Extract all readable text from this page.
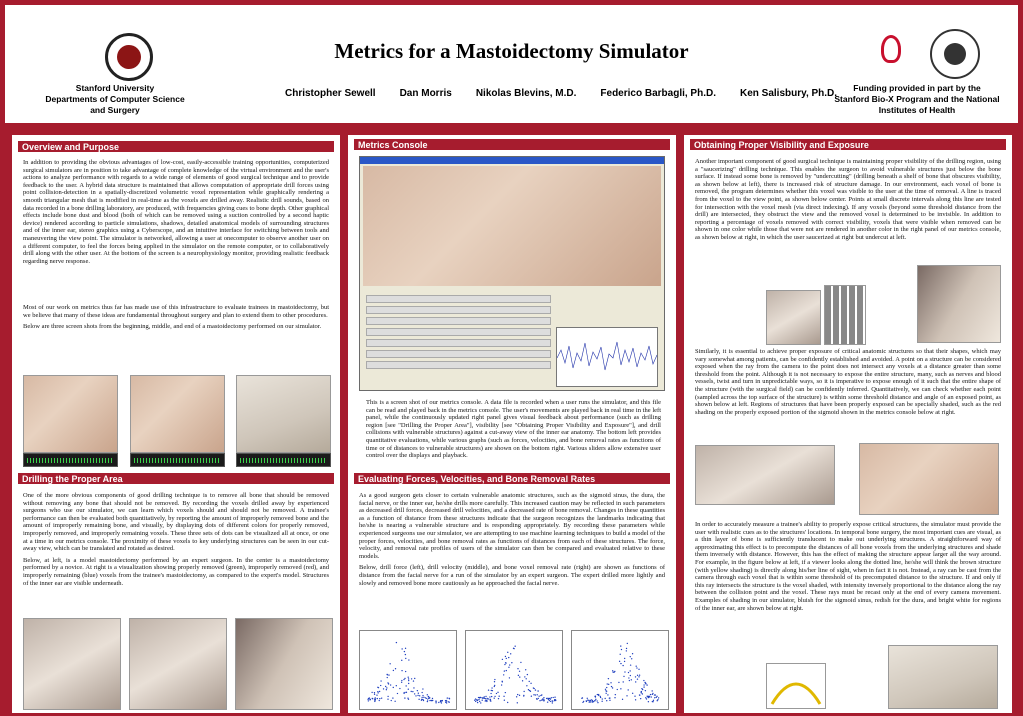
Metrics for a Mastoidectomy Simulator
Stanford University
Departments of Computer Science
and Surgery
Christopher Sewell Dan Morris Nikolas Blevins, M.D. Federico Barbagli, Ph.D. Ken Salisbury, Ph.D.	Funding provided in part by the
Stanford Bio-X Program and the National
Institutes of Health
Overview and Purpose

In addition to providing the obvious advantages of low-cost, easily-accessible training opportunities, computerized surgical simulators are in position to take advantage of complete knowledge of the virtual environment and the user's actions to analyze performance with regards to a wide range of elements of good surgical technique and to provide feedback to the user. A hybrid data structure is maintained that allows computation of appropriate drill forces using point collision-detection in a spatially-discretized volumetric voxel representation while graphically rendering a smooth triangular mesh that is modified in real-time as the voxels are drilled away. Realistic drill sounds, based on data recorded in a bone drilling laboratory, are produced, with frequencies giving cues to bone depth. Other graphical effects include bone dust and blood (both of which can be removed using a suction controlled by a second haptic device) rendered according to particle simulations, shadows, detailed anatomical models of surrounding structures and of the inner ear, stereo graphics using a Cyberscope, and an intuitive interface for switching between tools and maneuvering the view point. The simulator is networked, allowing a user at onecomputer to observe another user on a different computer, to feel the forces being applied in the simulator on the remote computer, or to collaboratively drill along with the other user. At the bottom of the screen is a neurophysiology monitor, providing realistic feedback regarding nerve response.

Most of our work on metrics thus far has made use of this infrastructure to evaluate trainees in mastoidectomy, but we believe that many of these ideas are fundamental throughout surgery and plan to extend them to other procedures.

Below are three screen shots from the beginning, middle, and end of a mastoidectomy performed on our simulator.

Drilling the Proper Area

One of the more obvious components of good drilling technique is to remove all bone that should be removed without removing any bone that should not be removed. By recording the voxels drilled away by experienced surgeons who use our simulator, we can learn which voxels should and should not be removed. A trainee's performance can then be evaluated both quantitatively, by reporting the amount of improperly removed bone and the amount of improperly remaining bone, and visually, by displaying dots of different colors for properly removed, improperly removed, and improperly remaining voxels. These three sets of dots can be visualized all at once, or one at a time in our metrics console. The proximity of these voxels to key underlying structures can be seen in our cut-away view, which can be translated and rotated as desired.

Below, at left, is a model mastoidectomy performed by an expert surgeon. In the center is a mastoidectomy performed by a novice. At right is a visualization showing properly removed (green), improperly removed (red), and improperly remaining (blue) voxels from the trainee's mastoidectomy, as compared to the expert's model. Structures of the inner ear are visible underneath.

Metrics Console

This is a screen shot of our metrics console. A data file is recorded when a user runs the simulator, and this file can be read and played back in the metrics console. The user's movements are played back in real time in the left panel, while the continuously updated right panel gives visual feedback about performance (such as drilling region [see "Drilling the Proper Area"], visibility [see "Obtaining Proper Visibility and Exposure"], and drill collisions with vulnerable structures) against a cut-away view of the inner ear anatomy. The bottom left provides quantitative evaluations, while various graphs (such as forces, velocities, and bone removal rates as functions of time or of distances to vulnerable structures) are shown on the bottom right. Various sliders allow extensive user control over the displays and playback.

Evaluating Forces, Velocities, and Bone Removal Rates

As a good surgeon gets closer to certain vulnerable anatomic structures, such as the sigmoid sinus, the dura, the facial nerve, or the inner ear, he/she drills more carefully. This increased caution may be reflected in such parameters as decreased drill forces, decreased drill velocities, and a decreased rate of bone removal. Changes in these quantities as a function of distance from these structures indicate that the surgeon recognizes the landmarks indicating that he/she is nearing a vulnerable structure and is responding appropriately. By recording these parameters while experienced surgeons use our simulator, we are attempting to use machine learning techniques to build a model of the proper forces, velocities, and bone removal rates as functions of distances from each of these structures. The force, velocity, and removal rate profiles of users of the simulator can then be compared and evaluated relative to these models.

Below, drill force (left), drill velocity (middle), and bone voxel removal rate (right) are shown as functions of distance from the facial nerve for a run of the simulator by an expert surgeon. The expert drilled more lightly and slowly and removed bone more cautiously as he approached the facial nerve.

Obtaining Proper Visibility and Exposure

Another important component of good surgical technique is maintaining proper visibility of the drilling region, using a "saucerizing" drilling technique. This enables the surgeon to avoid vulnerable structures just below the bone surface. If instead some bone is removed by "undercutting" (drilling beneath a shelf of bone that obscures visibility, as shown below at left), there is increased risk of structure damage. In our environment, each voxel of bone is removed, the program determines whether this voxel was visible to the user at the time of removal. A line is traced from the voxel to the view point, as shown below center. Points at small discrete intervals along this line are tested for intersection with the voxel mesh (via direct indexing). If any voxels (beyond some threshold distance from the drill) are intersected, they obstruct the view and the removed voxel is determined to be invisible. In addition to reporting a percentage of voxels removed with correct visibility, voxels that were visible when removed can be shown in one color while those that were not are rendered in another color in the right panel of our metrics console, as shown below at right, in which the user saucerized at right but undercut at left.

Similarly, it is essential to achieve proper exposure of critical anatomic structures so that their shapes, which may vary somewhat among patients, can be confidently established and avoided. A point on a structure can be considered exposed when the ray from the camera to the point does not intersect any voxels at a distance greater than some threshold from the point. Although it is not necessary to expose the entire structure, many, such as nerves and blood vessels, twist and turn in unpredictable ways, so it is imperative to expose enough of it such that the entire shape of the structure (with the surgical field) can be confidently inferred. Quantitatively, we can check whether each point (sampled across the top surface of the structure) is within some threshold distance and angle of an exposed point, as shown below at left. Regions of structures that have been properly exposed can be specially shaded, such as the red shading on the properly exposed portion of the sigmoid shown in the metrics console below at right.

In order to accurately measure a trainee's ability to properly expose critical structures, the simulator must provide the user with realistic cues as to the structures' locations. In temporal bone surgery, the most important cues are visual, as a thin layer of bone is sufficiently translucent to make out underlying structures. A straightforward way of approximating this effect is to precompute the distances of all bone voxels from the underlying structures and shade them inversely with distance. However, this has the effect of making the structure appear larger all the way around. For example, in the figure below at left, if a viewer looks along the dotted line, he/she will think the brown structure (with yellow shading) is directly along his/her line of sight, when in fact it is not. Instead, a ray can be cast from the camera through each voxel that is within some threshold of its precomputed distance to the structure. If and only if this ray intersects the structure is the voxel shaded, with intensity inversely proportional to the distance along the ray between the collision point and the voxel. These rays must be recast only at the end of every camera movement. Examples of shading in our simulator, bluish for the sigmoid sinus, redish for the dura, and bright white for regions of the inner ear, are shown below at right.
